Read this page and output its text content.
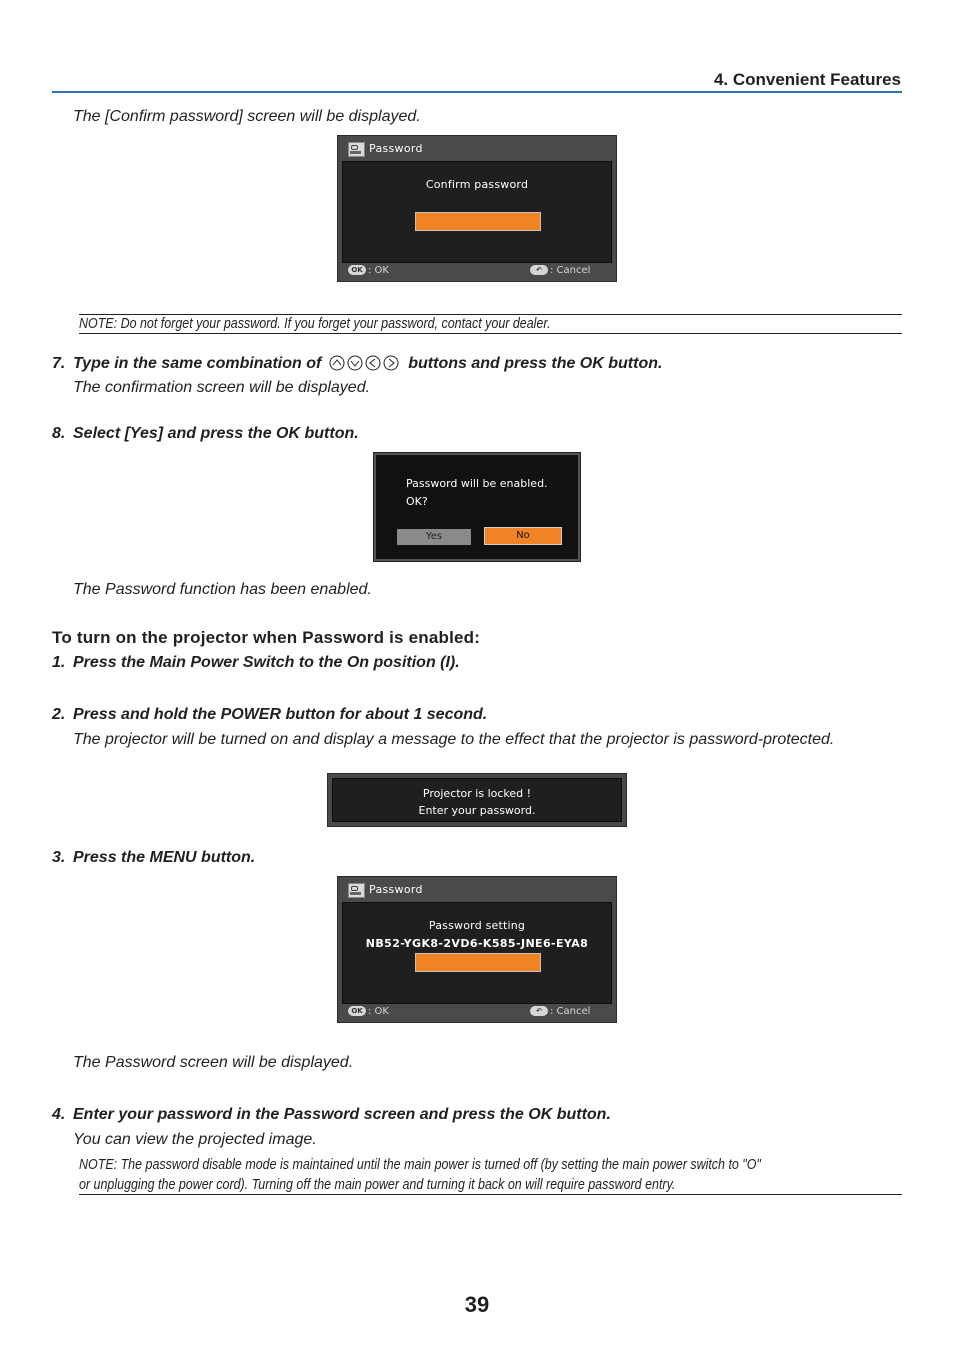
4. Convenient Features
The [Confirm password] screen will be displayed.
Password
Confirm password
OK : OK	↶ : Cancel
NOTE: Do not forget your password. If you forget your password, contact your dealer.
7. Type in the same combination of	buttons and press the OK button.
The confirmation screen will be displayed.
8. Select [Yes] and press the OK button.
Password will be enabled.
OK?
Yes	No
The Password function has been enabled.
To turn on the projector when Password is enabled:
1. Press the Main Power Switch to the On position (I).
2. Press and hold the POWER button for about 1 second.
The projector will be turned on and display a message to the effect that the projector is password-protected.
Projector is locked !
Enter your password.
3. Press the MENU button.
Password
Password setting
NB52-YGK8-2VD6-K585-JNE6-EYA8
OK : OK	↶ : Cancel
The Password screen will be displayed.
4. Enter your password in the Password screen and press the OK button.
You can view the projected image.
NOTE: The password disable mode is maintained until the main power is turned off (by setting the main power switch to "O"
or unplugging the power cord). Turning off the main power and turning it back on will require password entry.
39
